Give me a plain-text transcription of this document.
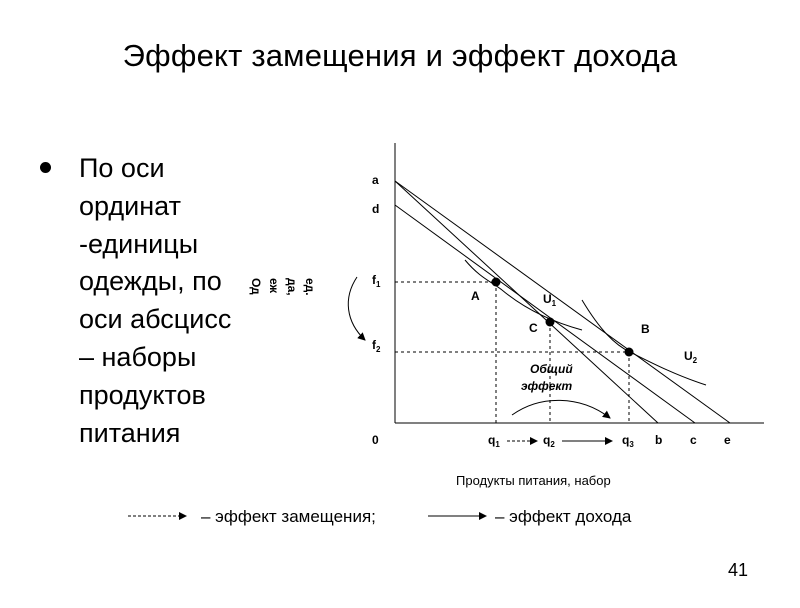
Эффект замещения и эффект дохода
По оси
ординат
-единицы
одежды, по
оси абсцисс
– наборы
продуктов
питания
a
d
$f_1$
$f_2$
0
Од еж да, ед.
$q_1$	$q_2$	$q_3$ b c e
A
C	B
$U_1$
$U_2$
Общий
эффект
Продукты питания, набор
– эффект замещения;	– эффект дохода
41
